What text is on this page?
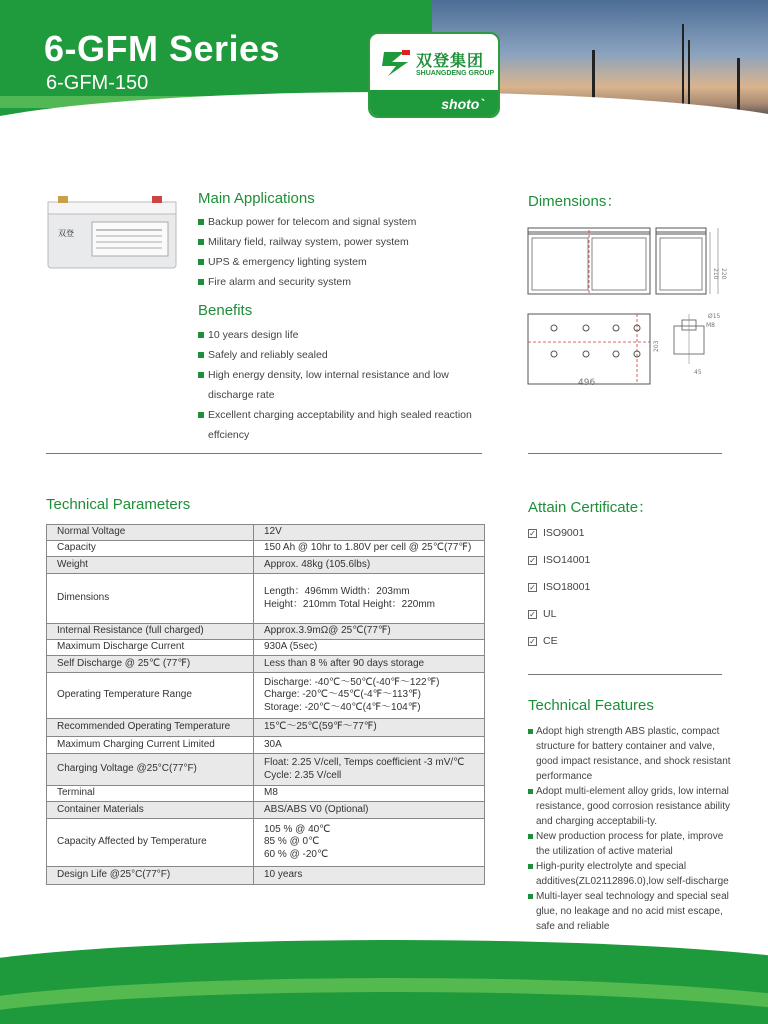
6-GFM Series
6-GFM-150
双登集团
SHUANGDENG GROUP
shoto`
双登
Main Applications
Backup power for telecom and signal system
Military field, railway system, power system
UPS & emergency lighting system
Fire alarm and security system
Benefits
10 years design life
Safely and reliably sealed
High energy density, low internal resistance and low discharge rate
Excellent charging acceptability and high sealed reaction effciency
Dimensions：
210 220
496
203
Ø15
M8
45
Technical Parameters
Normal Voltage	12V
Capacity	150 Ah @ 10hr to 1.80V per cell @ 25℃(77℉)
Weight	Approx. 48kg (105.6lbs)
Dimensions	Length：496mm Width：203mm
Height：210mm Total Height：220mm
Internal Resistance (full charged)	Approx.3.9mΩ@ 25℃(77℉)
Maximum Discharge Current	930A (5sec)
Self Discharge @ 25℃ (77℉)	Less than 8 % after 90 days storage
Operating Temperature Range	Discharge: -40℃～50℃(-40℉～122℉)
Charge: -20℃～45℃(-4℉～113℉)
Storage: -20℃～40℃(4℉～104℉)
Recommended Operating Temperature	15℃～25℃(59℉～77℉)
Maximum Charging Current Limited	30A
Charging Voltage @25°C(77°F)	Float: 2.25 V/cell, Temps coefficient -3 mV/℃
Cycle: 2.35 V/cell
Terminal	M8
Container Materials	ABS/ABS V0 (Optional)
Capacity Affected by Temperature	105 % @ 40℃
85 % @ 0℃
60 % @ -20℃
Design Life @25°C(77°F)	10 years
Attain Certificate：
✓ ISO9001
✓ ISO14001
✓ ISO18001
✓ UL
✓ CE
Technical Features
Adopt high strength ABS plastic, compact structure for battery container and valve, good impact resistance, and shock resistant performance
Adopt multi-element alloy grids, low internal resistance, good corrosion resistance ability and charging acceptabili-ty.
New production process for plate, improve the utilization of active material
High-purity electrolyte and special additives(ZL02112896.0),low self-discharge
Multi-layer seal technology and special seal glue, no leakage and no acid mist escape, safe and reliable
